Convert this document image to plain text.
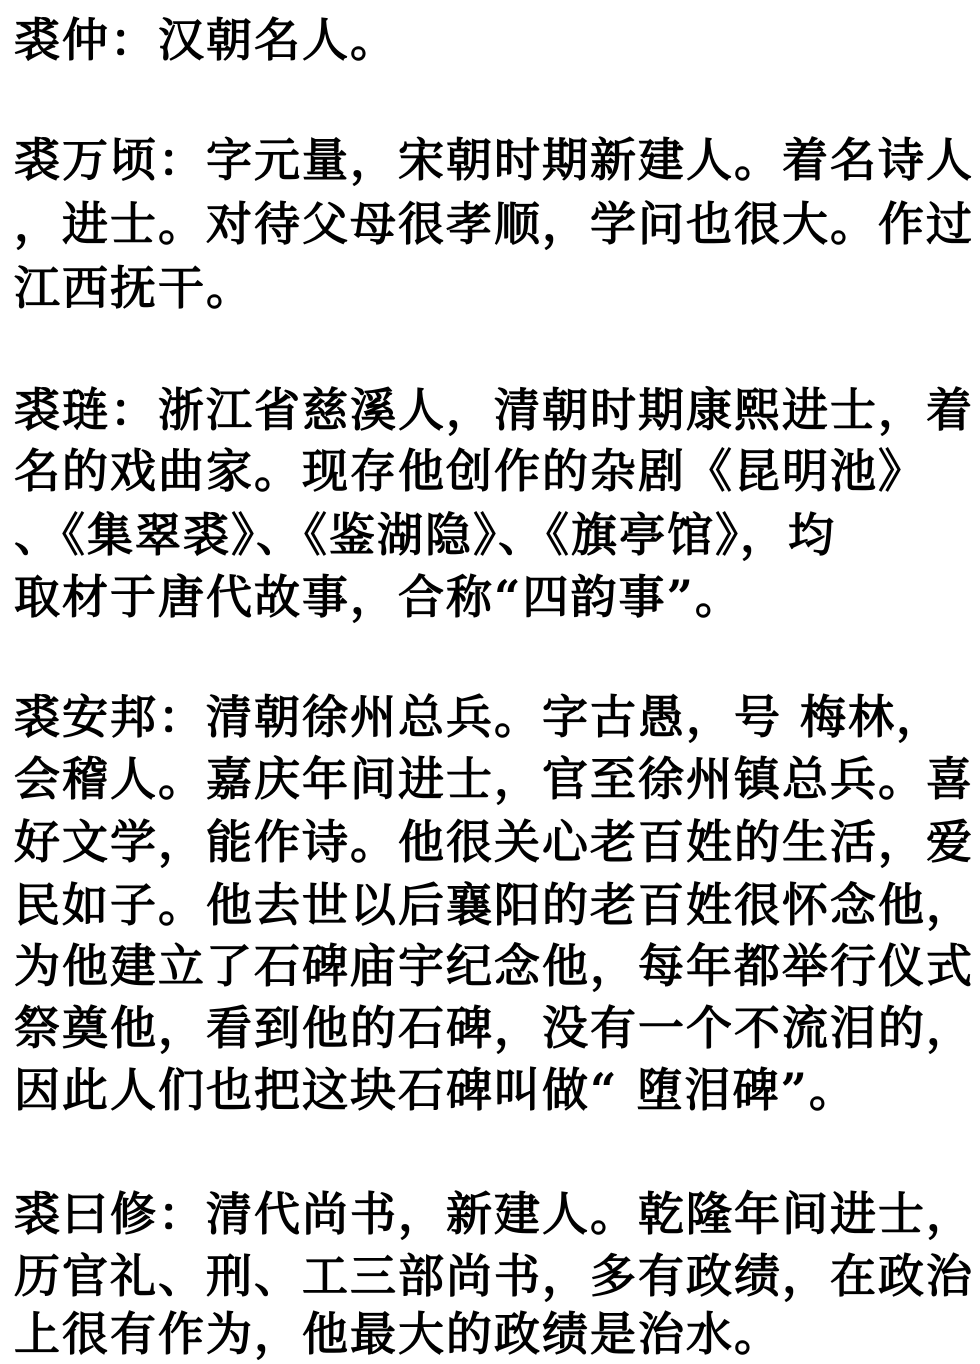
裘仲：汉朝名人。

裘万顷：字元量，宋朝时期新建人。着名诗人

，进士。对待父母很孝顺，学问也很大。作过

江西抚干。

裘琏：浙江省慈溪人，清朝时期康熙进士，着

名的戏曲家。现存他创作的杂剧《昆明池》

、《集翠裘》、《鉴湖隐》、《旗亭馆》，均

取材于唐代故事，合称“四韵事”。

裘安邦：清朝徐州总兵。字古愚，号 梅林，

会稽人。嘉庆年间进士，官至徐州镇总兵。喜

好文学，能作诗。他很关心老百姓的生活，爱

民如子。他去世以后襄阳的老百姓很怀念他，

为他建立了石碑庙宇纪念他，每年都举行仪式

祭奠他，看到他的石碑，没有一个不流泪的，

因此人们也把这块石碑叫做“ 堕泪碑”。

裘曰修：清代尚书，新建人。乾隆年间进士，

历官礼、刑、工三部尚书，多有政绩，在政治

上很有作为，他最大的政绩是治水。
